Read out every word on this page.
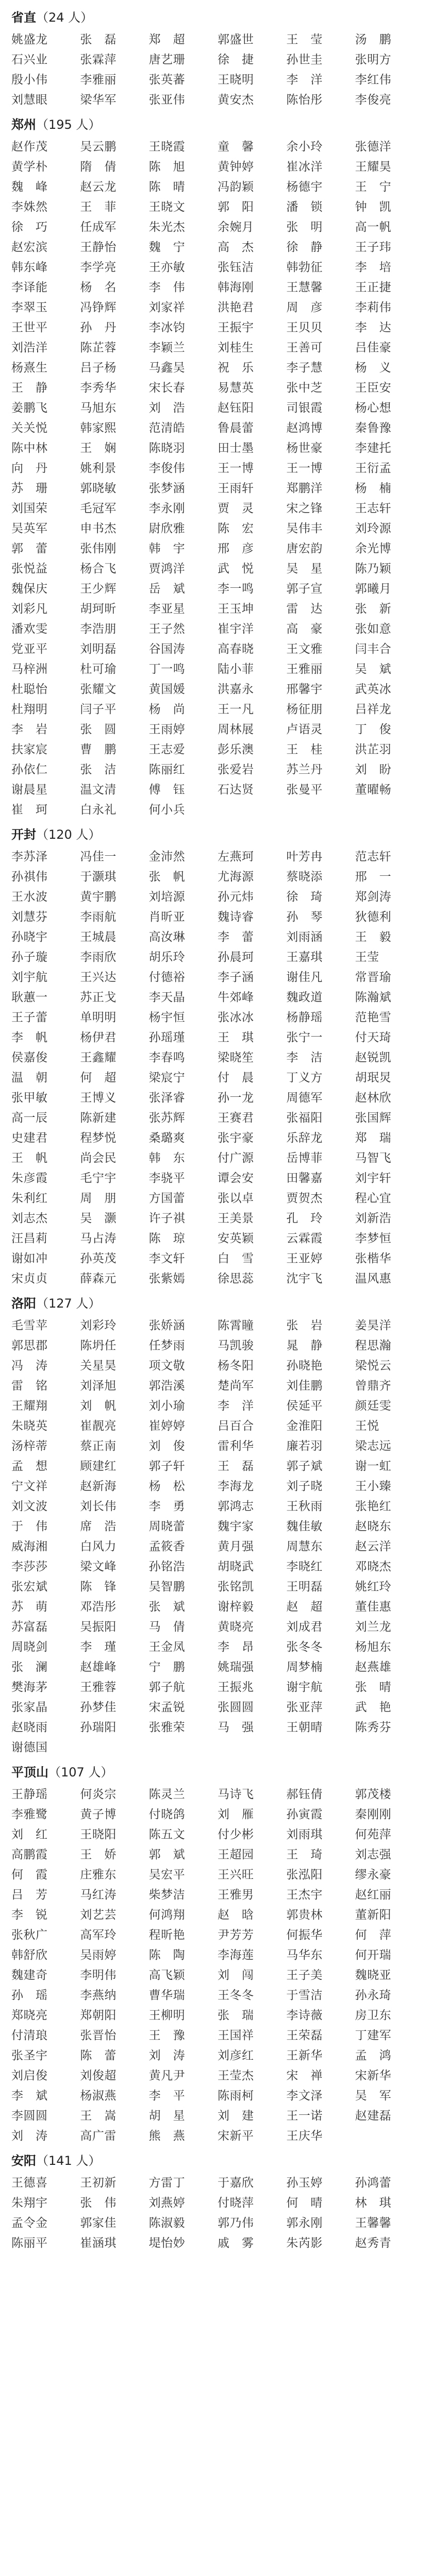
省直（24 人）
姚盛龙	张　磊	郑　超	郭盛世	王　莹	汤　鹏
石兴业	张霖萍	唐艺珊	徐　捷	孙世圭	张明方
殷小伟	李雅丽	张英蕃	王晓明	李　洋	李红伟
刘慧眼	梁华军	张亚伟	黄安杰	陈怡彤	李俊亮
郑州（195 人）
赵作茂	吴云鹏	王晓霞	童　馨	余小玲	张德洋
黄学朴	隋　倩	陈　旭	黄钟婷	崔冰洋	王耀昊
魏　峰	赵云龙	陈　晴	冯韵颖	杨德宇	王　宁
李姝然	王　菲	王晓文	郭　阳	潘　锁	钟　凯
徐　巧	任成军	朱光杰	余婉月	张　明	高一帆
赵宏滨	王静怡	魏　宁	高　杰	徐　静	王子玮
韩东峰	李学亮	王亦敏	张钰洁	韩勃征	李　培
李译能	杨　名	李　伟	韩海刚	王慧馨	王正捷
李翠玉	冯铮辉	刘家祥	洪艳君	周　彦	李莉伟
王世平	孙　丹	李冰钧	王振宇	王贝贝	李　达
刘浩洋	陈芷蓉	李颖兰	刘桂生	王善可	吕佳豪
杨熹生	吕子杨	马鑫吴	祝　乐	李子慧	杨　义
王　静	李秀华	宋长春	易慧英	张中芝	王臣安
姜鹏飞	马旭东	刘　浩	赵钰阳	司银霞	杨心想
关关悦	韩家熙	范清皓	鲁晨蕾	赵鸿博	秦鲁豫
陈中林	王　娴	陈晓羽	田士墨	杨世豪	李建托
向　丹	姚利景	李俊伟	王一博	王一博	王衍孟
苏　珊	郭晓敏	张梦涵	王雨轩	郑鹏洋	杨　楠
刘国荣	毛冠军	李永刚	贾　灵	宋之锋	王志轩
吴英军	申书杰	尉欣雅	陈　宏	吴伟丰	刘玲源
郭　蕾	张伟刚	韩　宇	邢　彦	唐宏韵	余光博
张悦益	杨合飞	贾鸿洋	武　悦	吴　星	陈乃颖
魏保庆	王少辉	岳　斌	李一鸣	郭子宣	郭曦月
刘彩凡	胡珂昕	李亚星	王玉坤	雷　达	张　新
潘欢雯	李浩朋	王子然	崔宇洋	高　豪	张如意
党亚平	刘明磊	谷国涛	高春晓	王文雅	闫丰合
马梓洲	杜可瑜	丁一鸣	陆小菲	王雅丽	吴　斌
杜聪怡	张耀文	黄国媛	洪嘉永	邢馨宇	武英冰
杜翔明	闫子平	杨　尚	王一凡	杨征朋	吕祥龙
李　岩	张　圆	王雨婷	周林展	卢语灵	丁　俊
扶家宸	曹　鹏	王志爱	彭乐澳	王　桂	洪芷羽
孙依仁	张　洁	陈丽红	张爱岩	苏兰丹	刘　盼
谢晨星	温文清	傅　钰	石达贤	张曼平	董曜畅
崔　珂	白永礼	何小兵
开封（120 人）
李苏泽	冯佳一	金沛然	左燕珂	叶芳冉	范志轩
孙祺伟	于灏琪	张　帆	尤海源	蔡晓添	邢　一
王水波	黄宇鹏	刘培源	孙元炜	徐　琦	郑剑涛
刘慧芬	李雨航	肖昕亚	魏诗睿	孙　琴	狄德利
孙晓宇	王城晨	高汝琳	李　蕾	刘雨涵	王　毅
孙子璇	李雨欣	胡乐玲	孙晨珂	王嘉琪	王莹
刘宇航	王兴达	付德裕	李子涵	谢佳凡	常晋瑜
耿蕙一	苏正戈	李天晶	牛郊峰	魏政道	陈瀚斌
王子蕾	单明明	杨宇恒	张冰冰	杨静瑶	范艳雪
李　帆	杨伊君	孙瑶瑾	王　琪	张宁一	付天琦
侯嘉俊	王鑫耀	李春鸣	梁晓笙	李　洁	赵锐凯
温　朝	何　超	梁宸宁	付　晨	丁义方	胡珉炅
张甲敏	王博义	张泽睿	孙一龙	周德军	赵林欣
高一辰	陈新建	张苏辉	王赛君	张福阳	张国辉
史建君	程梦悦	桑璐爽	张宇豪	乐辞龙	郑　瑞
王　帆	尚会民	韩　东	付广源	岳博菲	马智飞
朱彦霞	毛宁宇	李骁平	谭会安	田馨嘉	刘宇轩
朱利红	周　朋	方国蕾	张以卓	贾贺杰	程心宜
刘志杰	吴　灏	许子祺	王美景	孔　玲	刘新浩
汪昌莉	马占涛	陈　琼	安英颖	云霖霞	李梦恒
谢如冲	孙英茂	李文轩	白　雪	王亚婷	张楷华
宋贞贞	薛森元	张紫嫣	徐思蕊	沈宇飞	温风惠
洛阳（127 人）
毛雪苹	刘彩玲	张娇涵	陈霄瞳	张　岩	姜昊洋
郭思郡	陈坍任	任梦雨	马凯骏	晁　静	程思瀚
冯　涛	关星昊	项文敬	杨冬阳	孙晓艳	梁悦云
雷　铭	刘泽旭	郭浩溪	楚尚军	刘佳鹏	曾鼎齐
王耀翔	刘　帆	刘小瑜	李　洋	侯延平	颜廷雯
朱晓英	崔靓亮	崔婷婷	吕百合	金淮阳	王悦
汤梓蒂	蔡正南	刘　俊	雷利华	廉若羽	梁志远
孟　想	顾建红	郭子轩	王　磊	郭子斌	谢一虹
宁文祥	赵新海	杨　松	李海龙	刘子晓	王小臻
刘文波	刘长伟	李　勇	郭鸿志	王秋雨	张艳红
于　伟	席　浩	周晓蕾	魏宇家	魏佳敏	赵晓东
威海湘	白风力	孟筱香	黄月强	周慧东	赵云洋
李莎莎	梁文峰	孙铭浩	胡晓武	李晓红	邓晓杰
张宏斌	陈　锋	吴智鹏	张铭凯	王明磊	姚红玲
苏　萌	邓浩彤	张　斌	谢梓毅	赵　超	董佳惠
苏富磊	吴振阳	马　倩	黄晓亮	刘成君	刘兰龙
周晓剑	李　瑾	王金凤	李　昂	张冬冬	杨旭东
张　澜	赵雄峰	宁　鹏	姚瑞强	周梦楠	赵燕雄
樊海茅	王雅蓉	郭子航	王振兆	谢宇航	张　晴
张家晶	孙梦佳	宋孟锐	张圆圆	张亚萍	武　艳
赵晓雨	孙瑞阳	张雅荣	马　强	王朝晴	陈秀芬
谢德国
平顶山（107 人）
王静瑶	何炎宗	陈灵兰	马诗飞	郝钰倩	郭茂楼
李雅鹭	黄子博	付晓鸽	刘　雁	孙寅霞	秦刚刚
刘　红	王晓阳	陈五文	付少彬	刘雨琪	何苑萍
高鹏霞	王　娇	郭　斌	王超园	王　琦	刘志强
何　霞	庄雅东	吴宏平	王兴旺	张泓阳	缪永豪
吕　芳	马红涛	柴梦洁	王雅男	王杰宇	赵红丽
李　锐	刘艺芸	何鸿翔	赵　晗	郭贵林	董新阳
张秋广	高军玲	程昕艳	尹芳芳	何振华	何　萍
韩舒欣	吴雨婷	陈　陶	李海莲	马华东	何开瑞
魏建奇	李明伟	高飞颖	刘　闯	王子美	魏晓亚
孙　瑶	李燕纳	曹华瑞	王冬冬	于雪洁	孙永琦
郑晓亮	郑朝阳	王柳明	张　瑞	李诗薇	房卫东
付清琅	张晋怡	王　豫	王国祥	王荣磊	丁建军
张圣宇	陈　蕾	刘　涛	刘彦红	王新华	孟　鸿
刘启俊	刘俊超	黄凡尹	王莹杰	宋　禅	宋新华
李　斌	杨淑燕	李　平	陈雨柯	李文泽	吴　军
李圆圆	王　嵩	胡　星	刘　建	王一诺	赵建磊
刘　涛	高广雷	熊　燕	宋新平	王庆华
安阳（141 人）
王德喜	王初新	方雷丁	于嘉欣	孙玉婷	孙鸿蕾
朱翔宇	张　伟	刘燕婷	付晓萍	何　晴	林　琪
孟令金	郭家佳	陈淑毅	郭乃伟	郭永刚	王馨馨
陈丽平	崔涵琪	堤怡妙	戚　雾	朱芮影	赵秀青
